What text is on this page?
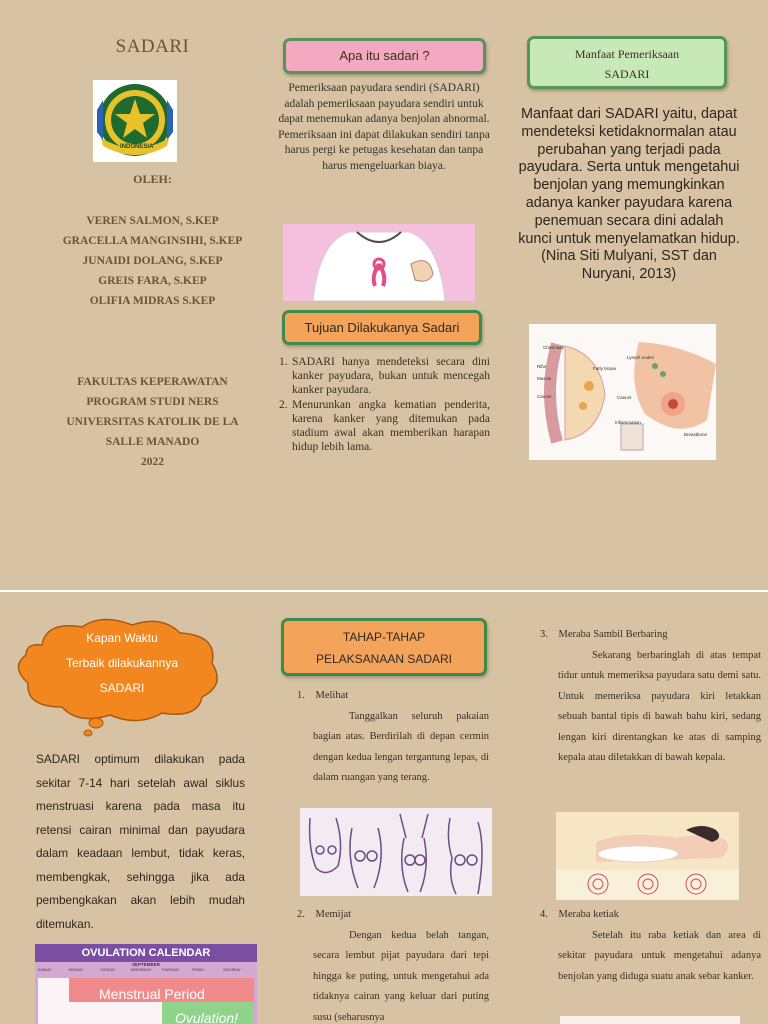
SADARI
INDONESIA
OLEH:
VEREN SALMON, S.KEP
GRACELLA MANGINSIHI, S.KEP
JUNAIDI DOLANG, S.KEP
GREIS FARA, S.KEP
OLIFIA MIDRAS S.KEP
FAKULTAS KEPERAWATAN
PROGRAM STUDI NERS
UNIVERSITAS KATOLIK DE LA
SALLE MANADO
2022
Apa itu sadari ?
Pemeriksaan payudara sendiri (SADARI) adalah pemeriksaan payudara sendiri untuk dapat menemukan adanya benjolan abnormal. Pemeriksaan ini dapat dilakukan sendiri tanpa harus pergi ke petugas kesehatan dan tanpa harus mengeluarkan biaya.
Tujuan Dilakukanya Sadari
1. SADARI hanya mendeteksi secara dini kanker payudara, bukan untuk mencegah kanker payudara.
2. Menurunkan angka kematian penderita, karena kanker yang ditemukan pada stadium awal akan memberikan harapan hidup lebih lama.
Manfaat Pemeriksaan
SADARI
Manfaat dari SADARI yaitu, dapat mendeteksi ketidaknormalan atau perubahan yang terjadi pada payudara. Serta untuk mengetahui benjolan yang memungkinkan adanya kanker payudara karena penemuan secara dini adalah kunci untuk menyelamatkan hidup. (Nina Siti Mulyani, SST dan Nuryani, 2013)
Chest wall
Ribs
Muscle
Cancer
Fatty tissue
Lymph nodes
Cancer
Inflammation
Breastbone
Kapan Waktu
Terbaik dilakukannya
SADARI
SADARI optimum dilakukan pada sekitar 7-14 hari setelah awal siklus menstruasi karena pada masa itu retensi cairan minimal dan payudara dalam keadaan lembut, tidak keras, membengkak, sehingga jika ada pembengkakan akan lebih mudah ditemukan.
OVULATION CALENDAR
SEPTEMBER
SUNDAY	MONDAY	TUESDAY	WEDNESDAY	THURSDAY	FRIDAY	SATURDAY
Menstrual Period
Ovulation!
TAHAP-TAHAP
PELAKSANAAN SADARI
1. Melihat
Tanggalkan seluruh pakaian bagian atas. Berdirilah di depan cermin dengan kedua lengan tergantung lepas, di dalam ruangan yang terang.
2. Memijat
Dengan kedua belah tangan, secara lembut pijat payudara dari tepi hingga ke puting, untuk mengetahui ada tidaknya cairan yang keluar dari puting susu (seharusnya
3. Meraba Sambil Berbaring
Sekarang berbaringlah di atas tempat tidur untuk memeriksa payudara satu demi satu. Untuk memeriksa payudara kiri letakkan sebuah bantal tipis di bawah bahu kiri, sedang lengan kiri direntangkan ke atas di samping kepala atau diletakkan di bawah kepala.
4. Meraba ketiak
Setelah itu raba ketiak dan area di sekitar payudara untuk mengetahui adanya benjolan yang diduga suatu anak sebar kanker.
